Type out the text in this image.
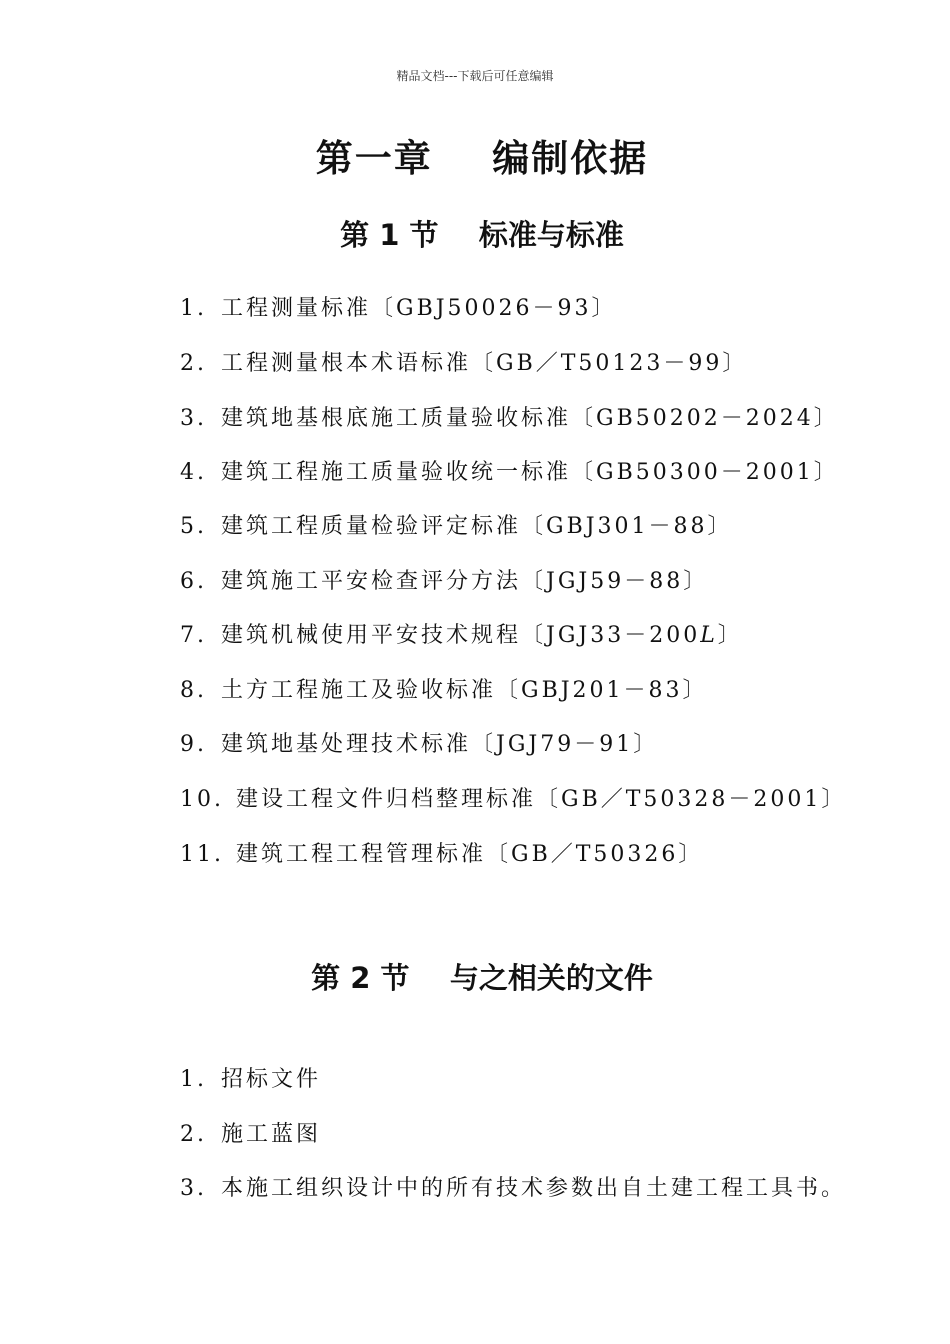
精品文档---下载后可任意编辑
第一章    编制依据
第 1 节    标准与标准
1. 工程测量标准〔GBJ50026－93〕
2. 工程测量根本术语标准〔GB／T50123－99〕
3. 建筑地基根底施工质量验收标准〔GB50202－2024〕
4. 建筑工程施工质量验收统一标准〔GB50300－2001〕
5. 建筑工程质量检验评定标准〔GBJ301－88〕
6. 建筑施工平安检查评分方法〔JGJ59－88〕
7. 建筑机械使用平安技术规程〔JGJ33－200𝐿〕
8. 土方工程施工及验收标准〔GBJ201－83〕
9. 建筑地基处理技术标准〔JGJ79－91〕
10. 建设工程文件归档整理标准〔GB／T50328－2001〕
11. 建筑工程工程管理标准〔GB／T50326〕
第 2 节    与之相关的文件
1. 招标文件
2. 施工蓝图
3. 本施工组织设计中的所有技术参数出自土建工程工具书。
